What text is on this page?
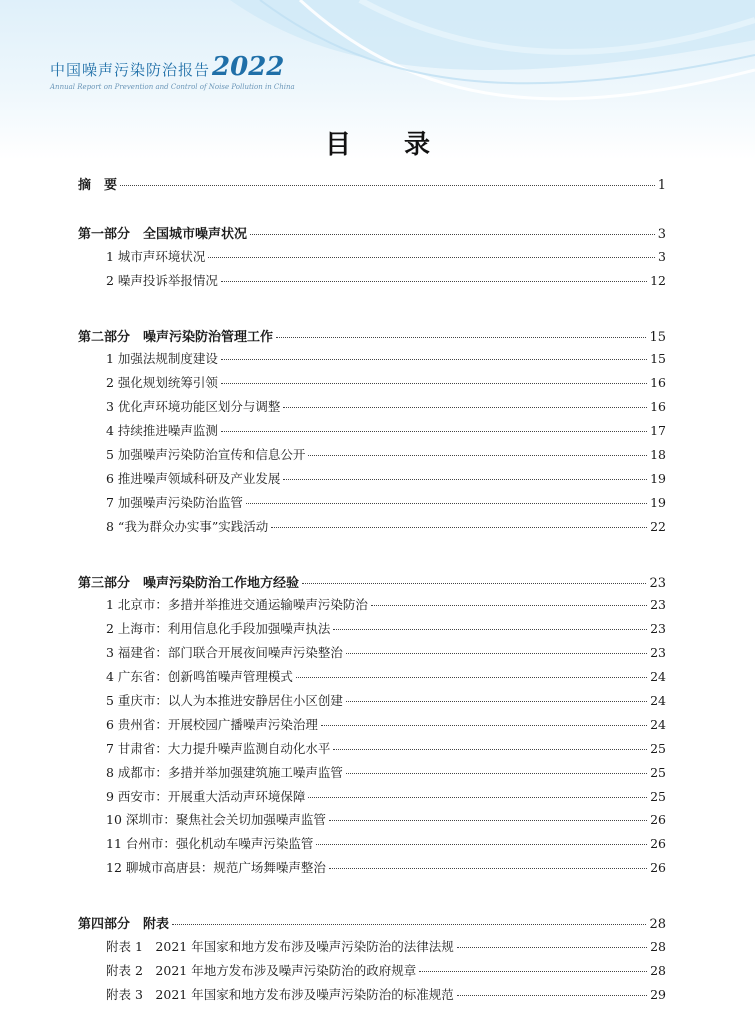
中国噪声污染防治报告2022
Annual Report on Prevention and Control of Noise Pollution in China
目 录
摘　要	1
第一部分　全国城市噪声状况	3
1 城市声环境状况	3
2 噪声投诉举报情况	12
第二部分　噪声污染防治管理工作	15
1 加强法规制度建设	15
2 强化规划统筹引领	16
3 优化声环境功能区划分与调整	16
4 持续推进噪声监测	17
5 加强噪声污染防治宣传和信息公开	18
6 推进噪声领域科研及产业发展	19
7 加强噪声污染防治监管	19
8 “我为群众办实事”实践活动	22
第三部分　噪声污染防治工作地方经验	23
1 北京市：多措并举推进交通运输噪声污染防治	23
2 上海市：利用信息化手段加强噪声执法	23
3 福建省：部门联合开展夜间噪声污染整治	23
4 广东省：创新鸣笛噪声管理模式	24
5 重庆市：以人为本推进安静居住小区创建	24
6 贵州省：开展校园广播噪声污染治理	24
7 甘肃省：大力提升噪声监测自动化水平	25
8 成都市：多措并举加强建筑施工噪声监管	25
9 西安市：开展重大活动声环境保障	25
10 深圳市：聚焦社会关切加强噪声监管	26
11 台州市：强化机动车噪声污染监管	26
12 聊城市高唐县：规范广场舞噪声整治	26
第四部分　附表	28
附表 1　2021 年国家和地方发布涉及噪声污染防治的法律法规	28
附表 2　2021 年地方发布涉及噪声污染防治的政府规章	28
附表 3　2021 年国家和地方发布涉及噪声污染防治的标准规范	29
